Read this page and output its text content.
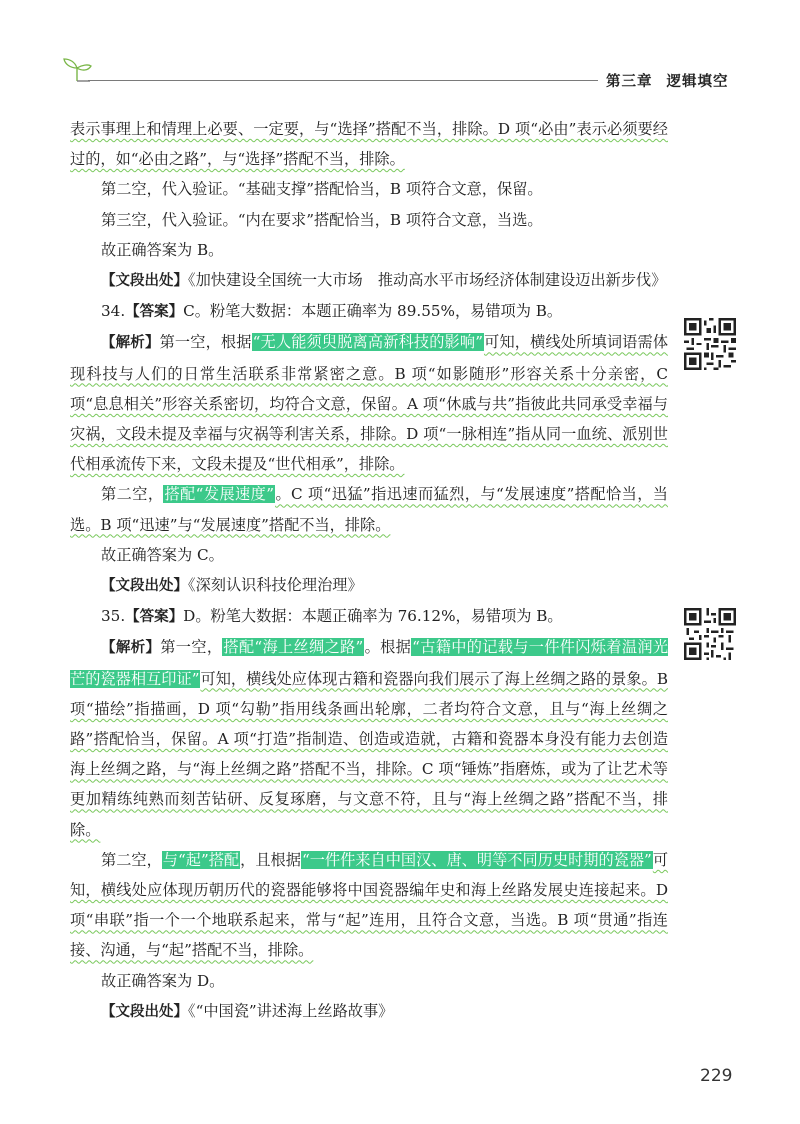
第三章 逻辑填空

表示事理上和情理上必要、一定要，与“选择”搭配不当，排除。D 项“必由”表示必须要经过的，如“必由之路”，与“选择”搭配不当，排除。

第二空，代入验证。“基础支撑”搭配恰当，B 项符合文意，保留。

第三空，代入验证。“内在要求”搭配恰当，B 项符合文意，当选。

故正确答案为 B。

【文段出处】《加快建设全国统一大市场　推动高水平市场经济体制建设迈出新步伐》

34.【答案】C。粉笔大数据：本题正确率为 89.55%，易错项为 B。

【解析】第一空，根据“无人能须臾脱离高新科技的影响”可知，横线处所填词语需体现科技与人们的日常生活联系非常紧密之意。B 项“如影随形”形容关系十分亲密，C 项“息息相关”形容关系密切，均符合文意，保留。A 项“休戚与共”指彼此共同承受幸福与灾祸，文段未提及幸福与灾祸等利害关系，排除。D 项“一脉相连”指从同一血统、派别世代相承流传下来，文段未提及“世代相承”，排除。

第二空，搭配“发展速度”。C 项“迅猛”指迅速而猛烈，与“发展速度”搭配恰当，当选。B 项“迅速”与“发展速度”搭配不当，排除。

故正确答案为 C。

【文段出处】《深刻认识科技伦理治理》

35.【答案】D。粉笔大数据：本题正确率为 76.12%，易错项为 B。

【解析】第一空，搭配“海上丝绸之路”。根据“古籍中的记载与一件件闪烁着温润光芒的瓷器相互印证”可知，横线处应体现古籍和瓷器向我们展示了海上丝绸之路的景象。B 项“描绘”指描画，D 项“勾勒”指用线条画出轮廓，二者均符合文意，且与“海上丝绸之路”搭配恰当，保留。A 项“打造”指制造、创造或造就，古籍和瓷器本身没有能力去创造海上丝绸之路，与“海上丝绸之路”搭配不当，排除。C 项“锤炼”指磨炼，或为了让艺术等更加精练纯熟而刻苦钻研、反复琢磨，与文意不符，且与“海上丝绸之路”搭配不当，排除。

第二空，与“起”搭配，且根据“一件件来自中国汉、唐、明等不同历史时期的瓷器”可知，横线处应体现历朝历代的瓷器能够将中国瓷器编年史和海上丝路发展史连接起来。D 项“串联”指一个一个地联系起来，常与“起”连用，且符合文意，当选。B 项“贯通”指连接、沟通，与“起”搭配不当，排除。

故正确答案为 D。

【文段出处】《“中国瓷”讲述海上丝路故事》

229
